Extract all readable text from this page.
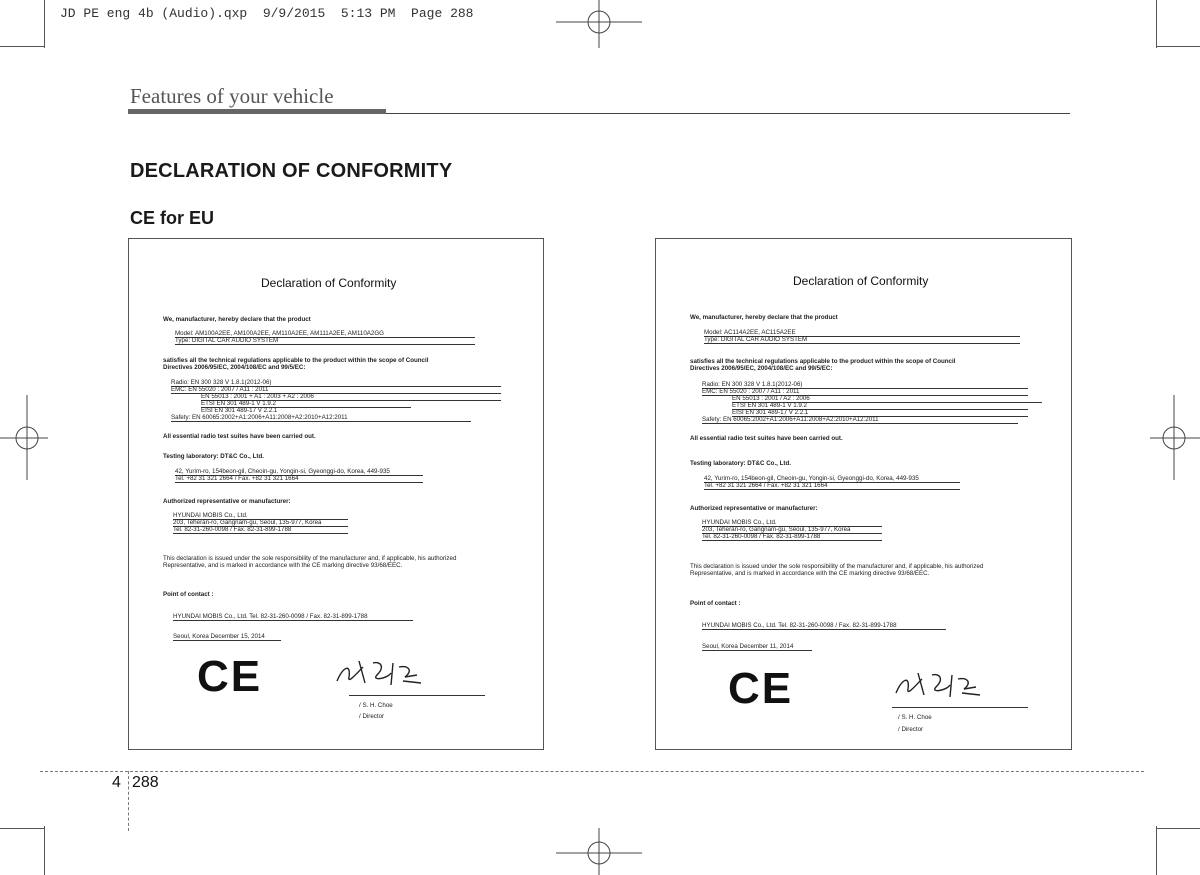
JD PE eng 4b (Audio).qxp  9/9/2015  5:13 PM  Page 288
Features of your vehicle
DECLARATION OF CONFORMITY
CE for EU
Declaration of Conformity
We, manufacturer, hereby declare that the product
Model: AM100A2EE, AM100A2EE, AM110A2EE, AM111A2EE, AM110A2GG
Type: DIGITAL CAR AUDIO SYSTEM
satisfies all the technical regulations applicable to the product within the scope of Council
Directives 2006/95/EC, 2004/108/EC and 99/5/EC:
Radio: EN 300 328 V 1.8.1(2012-06)
EMC: EN 55020 : 2007 / A11 : 2011
EN 55013 : 2001 + A1 : 2003 + A2 : 2006
ETSI EN 301 489-1 V 1.9.2
EISI EN 301 489-17 V 2.2.1
Safety: EN 60065:2002+A1:2006+A11:2008+A2:2010+A12:2011
All essential radio test suites have been carried out.
Testing laboratory: DT&C Co., Ltd.
42, Yurim-ro, 154beon-gil, Cheoin-gu, Yongin-si, Gyeonggi-do, Korea, 449-935
Tel. +82 31 321 2664 / Fax. +82 31 321 1664
Authorized representative or manufacturer:
HYUNDAI MOBIS Co., Ltd.
203, Teheran-ro, Gangnam-gu, Seoul, 135-977, Korea
Tel. 82-31-260-0098 / Fax. 82-31-899-1788
This declaration is issued under the sole responsibility of the manufacturer and, if applicable, his authorized
Representative, and is marked in accordance with the CE marking directive 93/68/EEC.
Point of contact :
HYUNDAI MOBIS Co., Ltd. Tel. 82-31-260-0098 / Fax. 82-31-899-1788
Seoul, Korea December 15, 2014
CE
/ S. H. Choe
/ Director
Declaration of Conformity
We, manufacturer, hereby declare that the product
Model: AC114A2EE, AC115A2EE
Type: DIGITAL CAR AUDIO SYSTEM
satisfies all the technical regulations applicable to the product within the scope of Council
Directives 2006/95/EC, 2004/108/EC and 99/5/EC:
Radio: EN 300 328 V 1.8.1(2012-06)
EMC: EN 55020 : 2007 / A11 : 2011
EN 55013 : 2001 / A2 : 2006
ETSI EN 301 489-1 V 1.9.2
EISI EN 301 489-17 V 2.2.1
Safety: EN 60065:2002+A1:2006+A11:2008+A2:2010+A12:2011
All essential radio test suites have been carried out.
Testing laboratory: DT&C Co., Ltd.
42, Yurim-ro, 154beon-gil, Cheoin-gu, Yongin-si, Gyeonggi-do, Korea, 449-935
Tel. +82 31 321 2664 / Fax. +82 31 321 1664
Authorized representative or manufacturer:
HYUNDAI MOBIS Co., Ltd.
203, Teheran-ro, Gangnam-gu, Seoul, 135-977, Korea
Tel. 82-31-260-0098 / Fax. 82-31-899-1788
This declaration is issued under the sole responsibility of the manufacturer and, if applicable, his authorized
Representative, and is marked in accordance with the CE marking directive 93/68/EEC.
Point of contact :
HYUNDAI MOBIS Co., Ltd. Tel. 82-31-260-0098 / Fax. 82-31-899-1788
Seoul, Korea December 11, 2014
CE
/ S. H. Choe
/ Director
4 288
